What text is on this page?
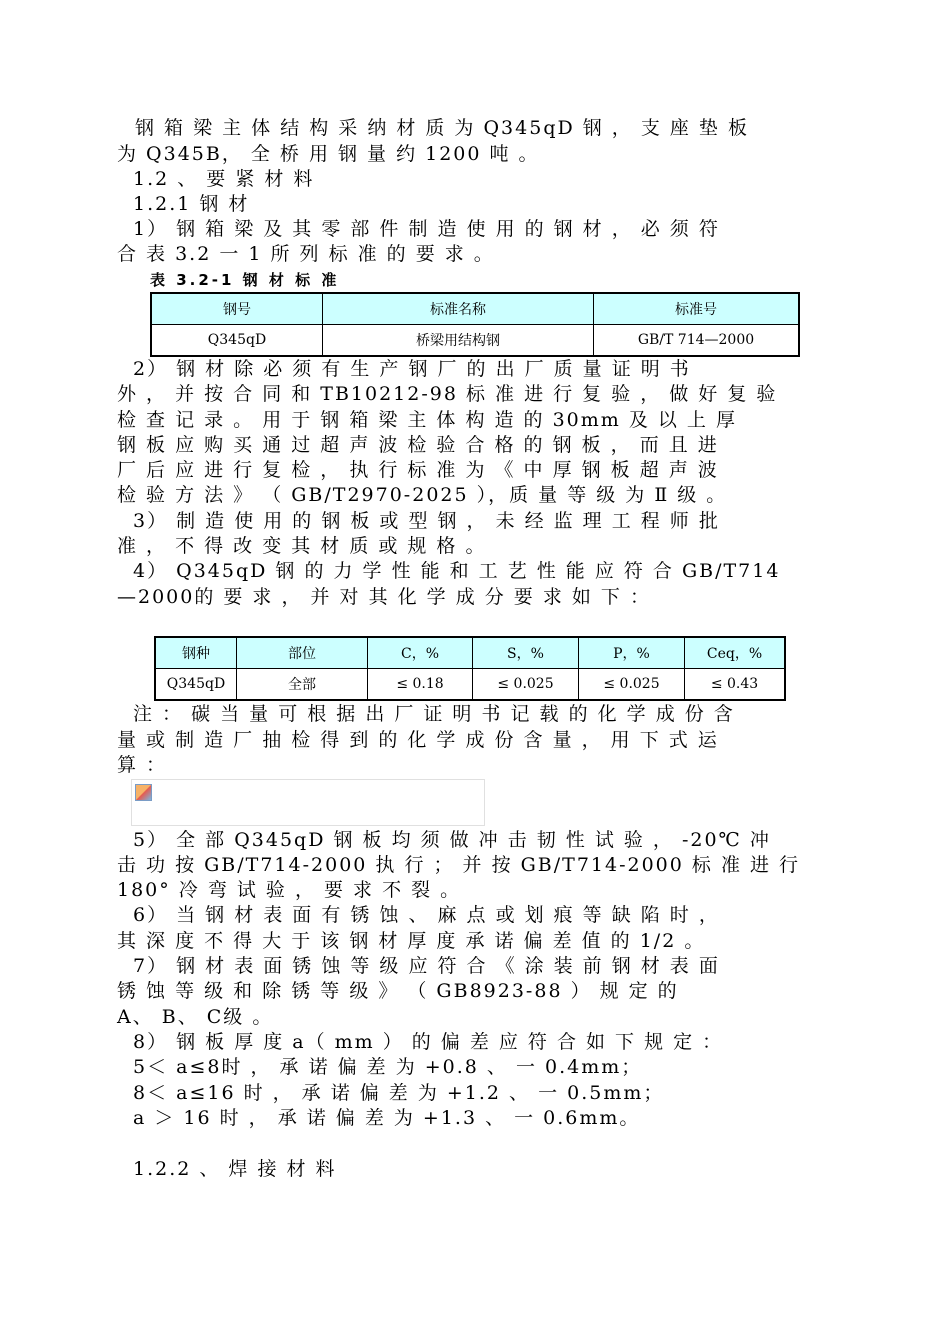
钢 箱 梁 主 体 结 构 采 纳 材 质 为 Q345qD 钢 ， 支 座 垫 板
为 Q345B， 全 桥 用 钢 量 约 1200 吨 。
1.2 、 要 紧 材 料
1.2.1 钢 材
1） 钢 箱 梁 及 其 零 部 件 制 造 使 用 的 钢 材 ， 必 须 符
合 表 3.2 一 1 所 列 标 准 的 要 求 。
表 3.2-1 钢 材 标 准
钢号	标准名称	标准号
Q345qD	桥梁用结构钢	GB/T 714—2000
2） 钢 材 除 必 须 有 生 产 钢 厂 的 出 厂 质 量 证 明 书
外 ， 并 按 合 同 和 TB10212-98 标 准 进 行 复 验 ， 做 好 复 验
检 查 记 录 。 用 于 钢 箱 梁 主 体 构 造 的 30mm 及 以 上 厚
钢 板 应 购 买 通 过 超 声 波 检 验 合 格 的 钢 板 ， 而 且 进
厂 后 应 进 行 复 检 ， 执 行 标 准 为 《 中 厚 钢 板 超 声 波
检 验 方 法 》 （ GB/T2970-2025 ），质 量 等 级 为 Ⅱ 级 。
3） 制 造 使 用 的 钢 板 或 型 钢 ， 未 经 监 理 工 程 师 批
准 ， 不 得 改 变 其 材 质 或 规 格 。
4） Q345qD 钢 的 力 学 性 能 和 工 艺 性 能 应 符 合 GB/T714
—2000的 要 求 ， 并 对 其 化 学 成 分 要 求 如 下 ：
钢种	部位	C，%	S，%	P，%	Ceq，%
Q345qD	全部	≤ 0.18	≤ 0.025	≤ 0.025	≤ 0.43
注 ： 碳 当 量 可 根 据 出 厂 证 明 书 记 载 的 化 学 成 份 含
量 或 制 造 厂 抽 检 得 到 的 化 学 成 份 含 量 ， 用 下 式 运
算 ：
5） 全 部 Q345qD 钢 板 均 须 做 冲 击 韧 性 试 验 ， -20℃ 冲
击 功 按 GB/T714-2000 执 行 ； 并 按 GB/T714-2000 标 准 进 行
180° 冷 弯 试 验 ， 要 求 不 裂 。
6） 当 钢 材 表 面 有 锈 蚀 、 麻 点 或 划 痕 等 缺 陷 时 ，
其 深 度 不 得 大 于 该 钢 材 厚 度 承 诺 偏 差 值 的 1/2 。
7） 钢 材 表 面 锈 蚀 等 级 应 符 合 《 涂 装 前 钢 材 表 面
锈 蚀 等 级 和 除 锈 等 级 》 （ GB8923-88 ） 规 定 的
A、 B、 C级 。
8） 钢 板 厚 度 a（ mm ） 的 偏 差 应 符 合 如 下 规 定 ：
5＜ a≤8时 ， 承 诺 偏 差 为 +0.8 、 一 0.4mm；
8＜ a≤16 时 ， 承 诺 偏 差 为 +1.2 、 一 0.5mm；
a ＞ 16 时 ， 承 诺 偏 差 为 +1.3 、 一 0.6mm。
1.2.2 、 焊 接 材 料
